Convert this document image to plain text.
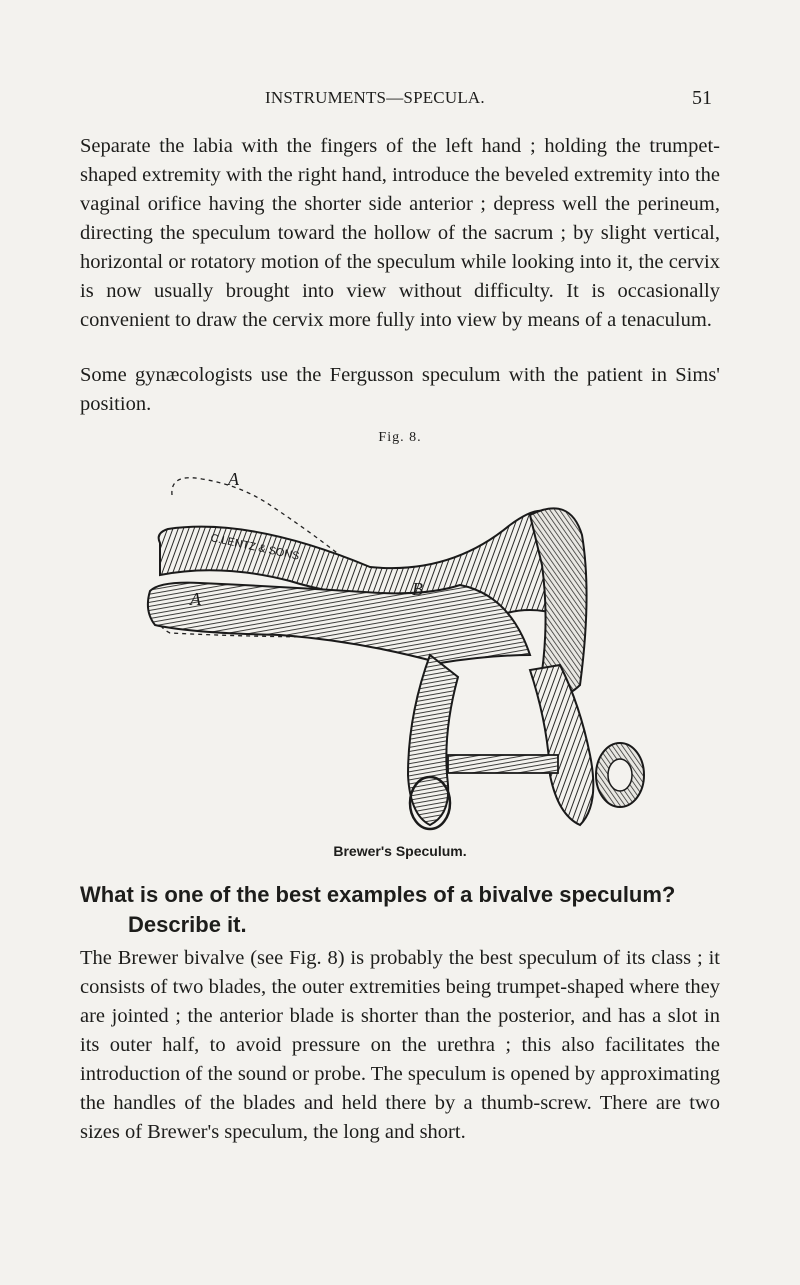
INSTRUMENTS—SPECULA.	51

Separate the labia with the fingers of the left hand ; holding the trumpet-shaped extremity with the right hand, introduce the beveled extremity into the vaginal orifice having the shorter side anterior ; depress well the perineum, directing the speculum toward the hollow of the sacrum ; by slight vertical, horizontal or rotatory motion of the speculum while looking into it, the cervix is now usually brought into view without difficulty. It is occasionally convenient to draw the cervix more fully into view by means of a tenaculum.

Some gynæcologists use the Fergusson speculum with the patient in Sims' position.

Fig. 8.
C.LENTZ & SONS
A
A	B
Brewer's Speculum.
What is one of the best examples of a bivalve speculum?
Describe it.

The Brewer bivalve (see Fig. 8) is probably the best speculum of its class ; it consists of two blades, the outer extremities being trumpet-shaped where they are jointed ; the anterior blade is shorter than the posterior, and has a slot in its outer half, to avoid pressure on the urethra ; this also facilitates the introduction of the sound or probe. The speculum is opened by approximating the handles of the blades and held there by a thumb-screw. There are two sizes of Brewer's speculum, the long and short.
